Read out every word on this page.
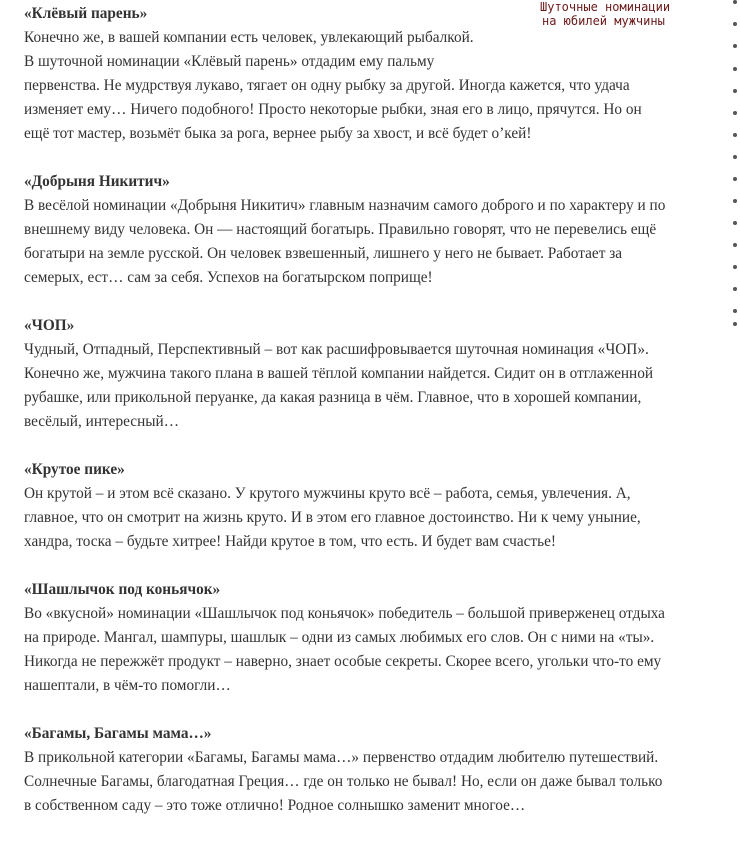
«Клёвый парень»
Конечно же, в вашей компании есть человек, увлекающий рыбалкой.
В шуточной номинации «Клёвый парень» отдадим ему пальму
первенства. Не мудрствуя лукаво, тягает он одну рыбку за другой. Иногда кажется, что удача
изменяет ему… Ничего подобного! Просто некоторые рыбки, зная его в лицо, прячутся. Но он
ещё тот мастер, возьмёт быка за рога, вернее рыбу за хвост, и всё будет о’кей!
«Добрыня Никитич»
В весёлой номинации «Добрыня Никитич» главным назначим самого доброго и по характеру и по
внешнему виду человека. Он — настоящий богатырь. Правильно говорят, что не перевелись ещё
богатыри на земле русской. Он человек взвешенный, лишнего у него не бывает. Работает за
семерых, ест… сам за себя. Успехов на богатырском поприще!
«ЧОП»
Чудный, Отпадный, Перспективный – вот как расшифровывается шуточная номинация «ЧОП».
Конечно же, мужчина такого плана в вашей тёплой компании найдется. Сидит он в отглаженной
рубашке, или прикольной перуанке, да какая разница в чём. Главное, что в хорошей компании,
весёлый, интересный…
«Крутое пике»
Он крутой – и этом всё сказано. У крутого мужчины круто всё – работа, семья, увлечения. А,
главное, что он смотрит на жизнь круто. И в этом его главное достоинство. Ни к чему уныние,
хандра, тоска – будьте хитрее! Найди крутое в том, что есть. И будет вам счастье!
«Шашлычок под коньячок»
Во «вкусной» номинации «Шашлычок под коньячок» победитель – большой приверженец отдыха
на природе. Мангал, шампуры, шашлык – одни из самых любимых его слов. Он с ними на «ты».
Никогда не пережжёт продукт – наверно, знает особые секреты. Скорее всего, угольки что-то ему
нашептали, в чём-то помогли…
«Багамы, Багамы мама…»
В прикольной категории «Багамы, Багамы мама…» первенство отдадим любителю путешествий.
Солнечные Багамы, благодатная Греция… где он только не бывал! Но, если он даже бывал только
в собственном саду – это тоже отлично! Родное солнышко заменит многое…
Шуточные номинации
на юбилей мужчины
